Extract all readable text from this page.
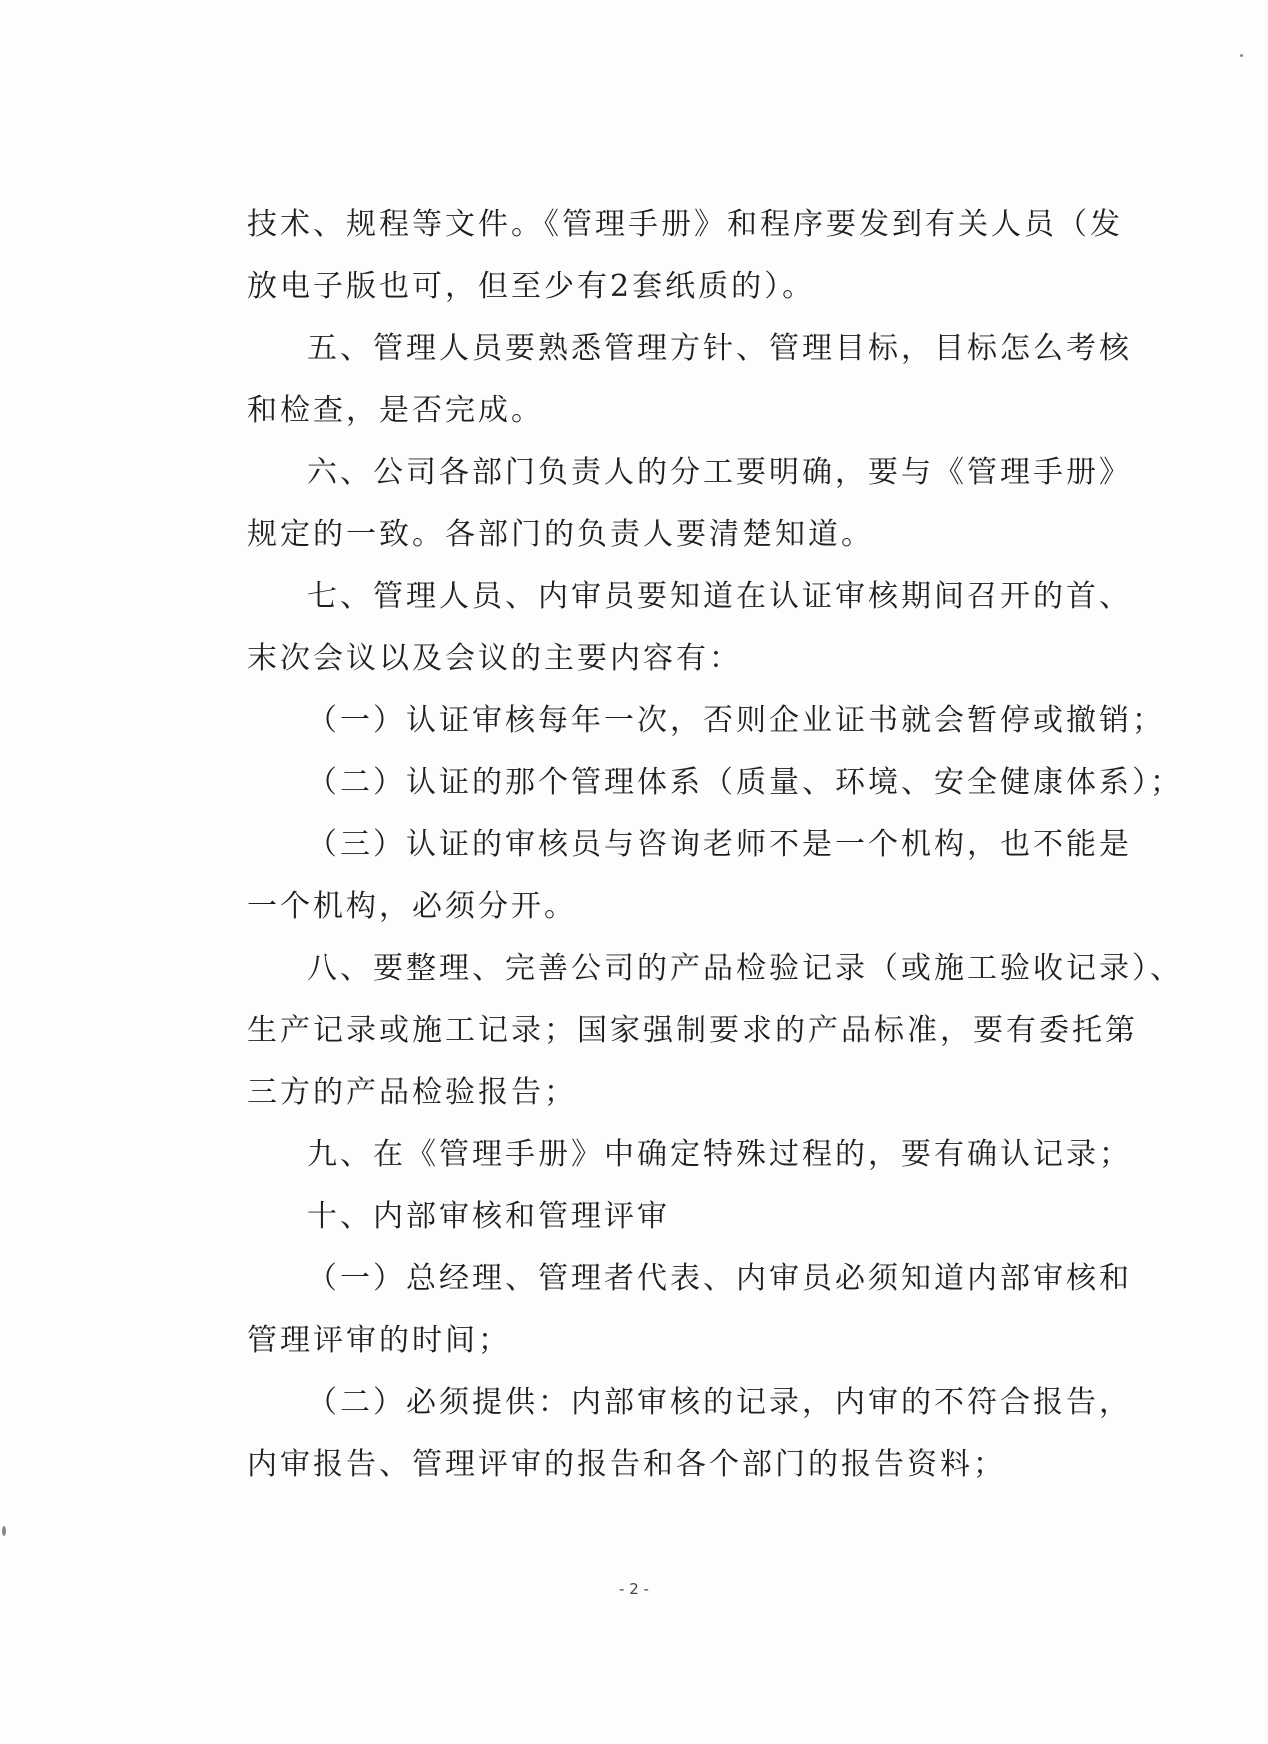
技术、规程等文件。《管理手册》和程序要发到有关人员（发
放电子版也可，但至少有2套纸质的）。
五、管理人员要熟悉管理方针、管理目标，目标怎么考核
和检查，是否完成。
六、公司各部门负责人的分工要明确，要与《管理手册》
规定的一致。各部门的负责人要清楚知道。
七、管理人员、内审员要知道在认证审核期间召开的首、
末次会议以及会议的主要内容有：
（一）认证审核每年一次，否则企业证书就会暂停或撤销；
（二）认证的那个管理体系（质量、环境、安全健康体系）；
（三）认证的审核员与咨询老师不是一个机构，也不能是
一个机构，必须分开。
八、要整理、完善公司的产品检验记录（或施工验收记录）、
生产记录或施工记录；国家强制要求的产品标准，要有委托第
三方的产品检验报告；
九、在《管理手册》中确定特殊过程的，要有确认记录；
十、内部审核和管理评审
（一）总经理、管理者代表、内审员必须知道内部审核和
管理评审的时间；
（二）必须提供：内部审核的记录，内审的不符合报告，
内审报告、管理评审的报告和各个部门的报告资料；
- 2 -
